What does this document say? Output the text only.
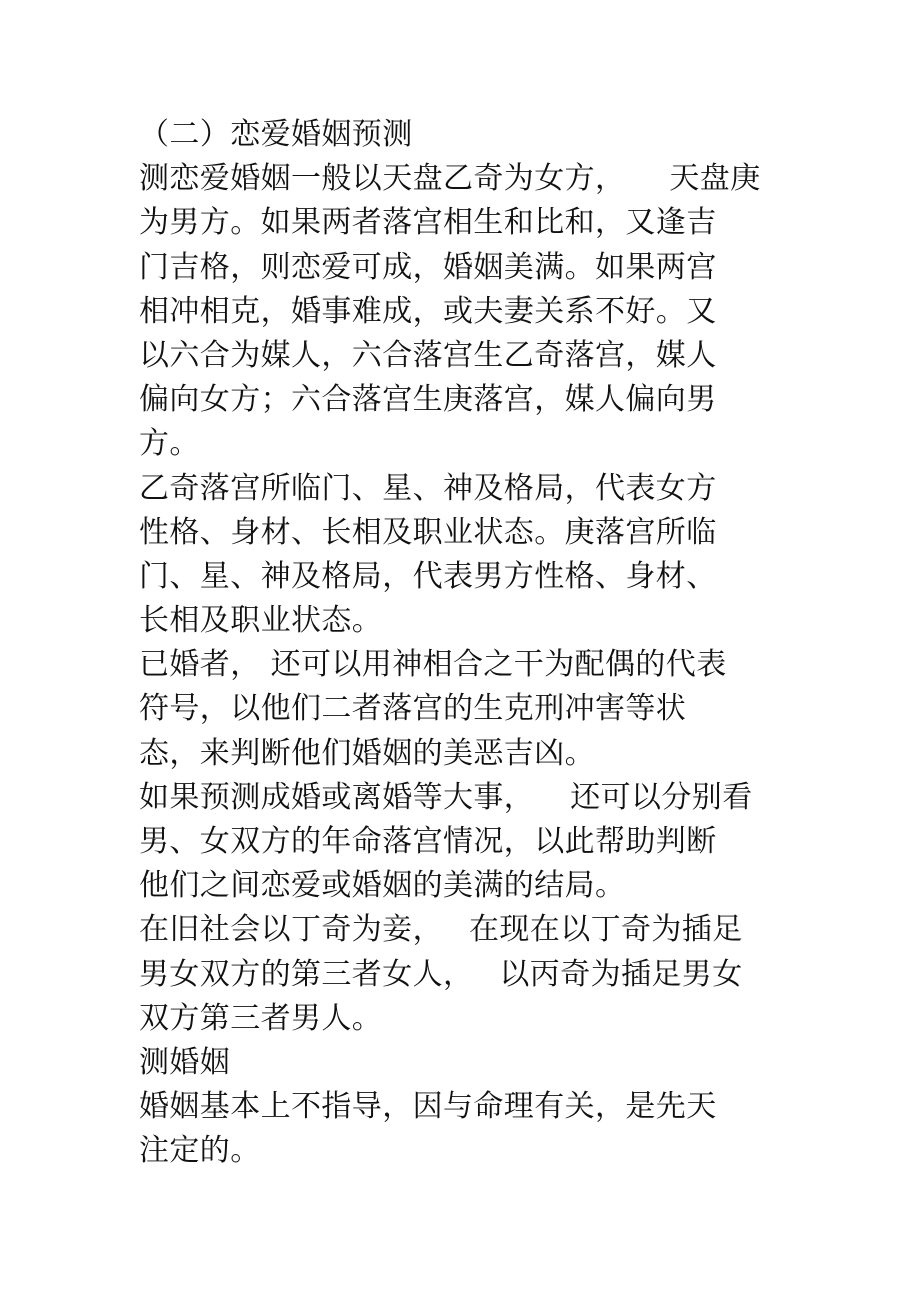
（二）恋爱婚姻预测
测恋爱婚姻一般以天盘乙奇为女方， 天盘庚
为男方。如果两者落宫相生和比和，又逢吉
门吉格，则恋爱可成，婚姻美满。如果两宫
相冲相克，婚事难成，或夫妻关系不好。又
以六合为媒人，六合落宫生乙奇落宫，媒人
偏向女方；六合落宫生庚落宫，媒人偏向男
方。
乙奇落宫所临门、星、神及格局，代表女方
性格、身材、长相及职业状态。庚落宫所临
门、星、神及格局，代表男方性格、身材、
长相及职业状态。
已婚者， 还可以用神相合之干为配偶的代表
符号，以他们二者落宫的生克刑冲害等状
态，来判断他们婚姻的美恶吉凶。
如果预测成婚或离婚等大事， 还可以分别看
男、女双方的年命落宫情况，以此帮助判断
他们之间恋爱或婚姻的美满的结局。
在旧社会以丁奇为妾， 在现在以丁奇为插足
男女双方的第三者女人， 以丙奇为插足男女
双方第三者男人。
测婚姻
婚姻基本上不指导，因与命理有关，是先天
注定的。
